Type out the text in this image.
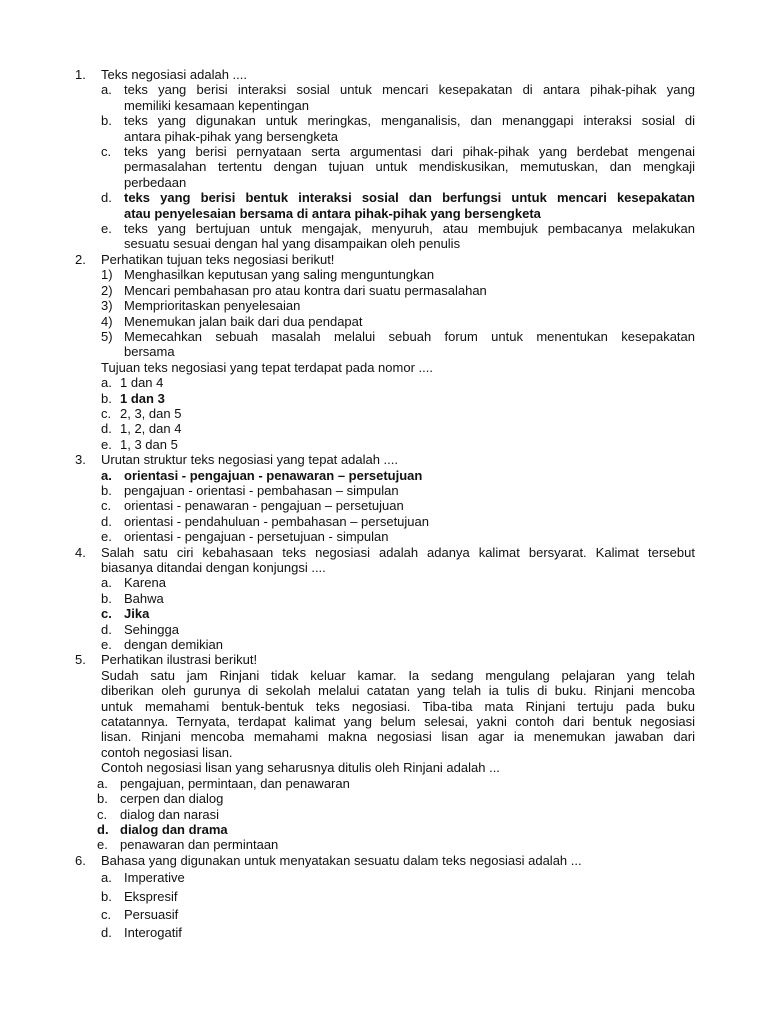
1. Teks negosiasi adalah ....
a. teks yang berisi interaksi sosial untuk mencari kesepakatan di antara pihak-pihak yang
memiliki kesamaan kepentingan
b. teks yang digunakan untuk meringkas, menganalisis, dan menanggapi interaksi sosial di
antara pihak-pihak yang bersengketa
c. teks yang berisi pernyataan serta argumentasi dari pihak-pihak yang berdebat mengenai
permasalahan tertentu dengan tujuan untuk mendiskusikan, memutuskan, dan mengkaji
perbedaan
d. teks yang berisi bentuk interaksi sosial dan berfungsi untuk mencari kesepakatan
atau penyelesaian bersama di antara pihak-pihak yang bersengketa
e. teks yang bertujuan untuk mengajak, menyuruh, atau membujuk pembacanya melakukan
sesuatu sesuai dengan hal yang disampaikan oleh penulis
2. Perhatikan tujuan teks negosiasi berikut!
1) Menghasilkan keputusan yang saling menguntungkan
2) Mencari pembahasan pro atau kontra dari suatu permasalahan
3) Memprioritaskan penyelesaian
4) Menemukan jalan baik dari dua pendapat
5) Memecahkan sebuah masalah melalui sebuah forum untuk menentukan kesepakatan
bersama
Tujuan teks negosiasi yang tepat terdapat pada nomor ....
a. 1 dan 4
b. 1 dan 3
c. 2, 3, dan 5
d. 1, 2, dan 4
e. 1, 3 dan 5
3. Urutan struktur teks negosiasi yang tepat adalah ....
a. orientasi - pengajuan - penawaran – persetujuan
b. pengajuan - orientasi - pembahasan – simpulan
c. orientasi - penawaran - pengajuan – persetujuan
d. orientasi - pendahuluan - pembahasan – persetujuan
e. orientasi - pengajuan - persetujuan - simpulan
4. Salah satu ciri kebahasaan teks negosiasi adalah adanya kalimat bersyarat. Kalimat tersebut
biasanya ditandai dengan konjungsi ....
a. Karena
b. Bahwa
c. Jika
d. Sehingga
e. dengan demikian
5. Perhatikan ilustrasi berikut!
Sudah satu jam Rinjani tidak keluar kamar. Ia sedang mengulang pelajaran yang telah
diberikan oleh gurunya di sekolah melalui catatan yang telah ia tulis di buku. Rinjani mencoba
untuk memahami bentuk-bentuk teks negosiasi. Tiba-tiba mata Rinjani tertuju pada buku
catatannya. Ternyata, terdapat kalimat yang belum selesai, yakni contoh dari bentuk negosiasi
lisan. Rinjani mencoba memahami makna negosiasi lisan agar ia menemukan jawaban dari
contoh negosiasi lisan.
Contoh negosiasi lisan yang seharusnya ditulis oleh Rinjani adalah ...
a. pengajuan, permintaan, dan penawaran
b. cerpen dan dialog
c. dialog dan narasi
d. dialog dan drama
e. penawaran dan permintaan
6. Bahasa yang digunakan untuk menyatakan sesuatu dalam teks negosiasi adalah ...
a. Imperative
b. Ekspresif
c. Persuasif
d. Interogatif
